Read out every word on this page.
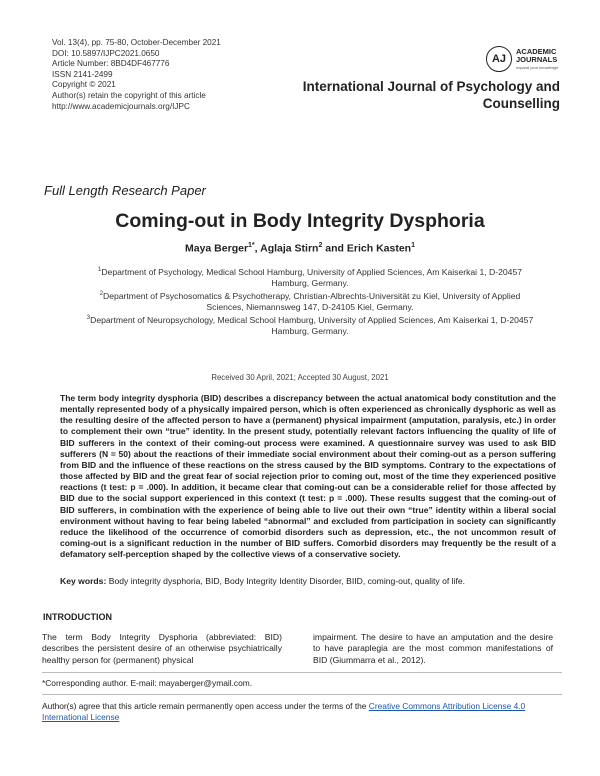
Vol. 13(4), pp. 75-80, October-December 2021
DOI: 10.5897/IJPC2021.0650
Article Number: 8BD4DF467776
ISSN 2141-2499
Copyright © 2021
Author(s) retain the copyright of this article
http://www.academicjournals.org/IJPC
AJ
ACADEMIC
JOURNALS
expand your knowledge
International Journal of Psychology and
Counselling
Full Length Research Paper
Coming-out in Body Integrity Dysphoria
Maya Berger$^{1*}$, Aglaja Stirn$^2$ and Erich Kasten$^1$
$^1$Department of Psychology, Medical School Hamburg, University of Applied Sciences, Am Kaiserkai 1, D-20457
Hamburg, Germany.
$^2$Department of Psychosomatics & Psychotherapy, Christian-Albrechts-Universität zu Kiel, University of Applied
Sciences, Niemannsweg 147, D-24105 Kiel, Germany.
$^3$Department of Neuropsychology, Medical School Hamburg, University of Applied Sciences, Am Kaiserkai 1, D-20457
Hamburg, Germany.
Received 30 April, 2021; Accepted 30 August, 2021
The term body integrity dysphoria (BID) describes a discrepancy between the actual anatomical body constitution and the mentally represented body of a physically impaired person, which is often experienced as chronically dysphoric as well as the resulting desire of the affected person to have a (permanent) physical impairment (amputation, paralysis, etc.) in order to complement their own “true” identity. In the present study, potentially relevant factors influencing the quality of life of BID sufferers in the context of their coming-out process were examined. A questionnaire survey was used to ask BID sufferers (N = 50) about the reactions of their immediate social environment about their coming-out as a person suffering from BID and the influence of these reactions on the stress caused by the BID symptoms. Contrary to the expectations of those affected by BID and the great fear of social rejection prior to coming out, most of the time they experienced positive reactions (t test: p = .000). In addition, it became clear that coming-out can be a considerable relief for those affected by BID due to the social support experienced in this context (t test: p = .000). These results suggest that the coming-out of BID sufferers, in combination with the experience of being able to live out their own “true” identity within a liberal social environment without having to fear being labeled “abnormal” and excluded from participation in society can significantly reduce the likelihood of the occurrence of comorbid disorders such as depression, etc., the not uncommon result of coming-out is a significant reduction in the number of BID suffers. Comorbid disorders may frequently be the result of a defamatory self-perception shaped by the collective views of a conservative society.
Key words: Body integrity dysphoria, BID, Body Integrity Identity Disorder, BIID, coming-out, quality of life.
INTRODUCTION
The term Body Integrity Dysphoria (abbreviated: BID) describes the persistent desire of an otherwise psychiatrically healthy person for (permanent) physical
impairment. The desire to have an amputation and the desire to have paraplegia are the most common manifestations of BID (Giummarra et al., 2012).
*Corresponding author. E-mail: mayaberger@ymail.com.
Author(s) agree that this article remain permanently open access under the terms of the Creative Commons Attribution License 4.0 International License
